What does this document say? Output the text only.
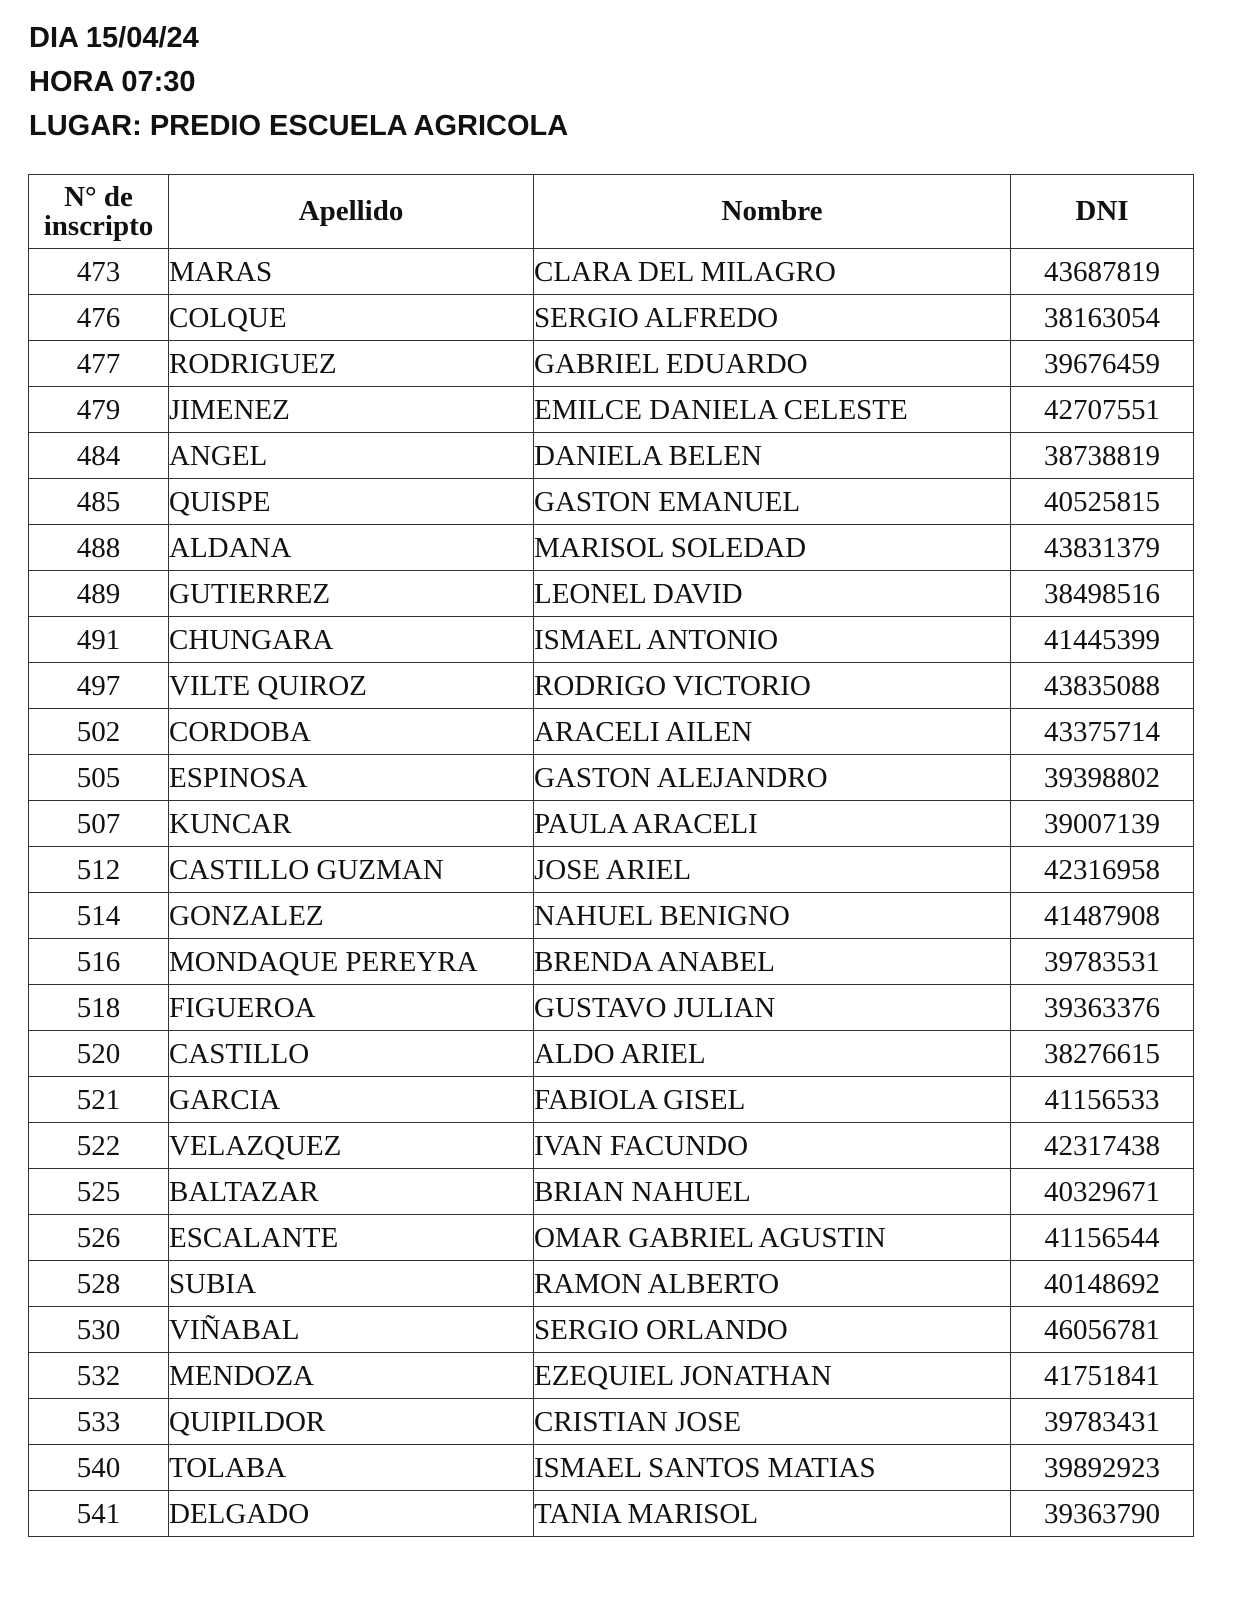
DIA 15/04/24
HORA 07:30
LUGAR: PREDIO ESCUELA AGRICOLA
N° de
inscripto	Apellido	Nombre	DNI
473	MARAS	CLARA DEL MILAGRO	43687819
476	COLQUE	SERGIO ALFREDO	38163054
477	RODRIGUEZ	GABRIEL EDUARDO	39676459
479	JIMENEZ	EMILCE DANIELA CELESTE	42707551
484	ANGEL	DANIELA BELEN	38738819
485	QUISPE	GASTON EMANUEL	40525815
488	ALDANA	MARISOL SOLEDAD	43831379
489	GUTIERREZ	LEONEL DAVID	38498516
491	CHUNGARA	ISMAEL ANTONIO	41445399
497	VILTE QUIROZ	RODRIGO VICTORIO	43835088
502	CORDOBA	ARACELI AILEN	43375714
505	ESPINOSA	GASTON ALEJANDRO	39398802
507	KUNCAR	PAULA ARACELI	39007139
512	CASTILLO GUZMAN	JOSE ARIEL	42316958
514	GONZALEZ	NAHUEL BENIGNO	41487908
516	MONDAQUE PEREYRA	BRENDA ANABEL	39783531
518	FIGUEROA	GUSTAVO JULIAN	39363376
520	CASTILLO	ALDO ARIEL	38276615
521	GARCIA	FABIOLA GISEL	41156533
522	VELAZQUEZ	IVAN FACUNDO	42317438
525	BALTAZAR	BRIAN NAHUEL	40329671
526	ESCALANTE	OMAR GABRIEL AGUSTIN	41156544
528	SUBIA	RAMON ALBERTO	40148692
530	VIÑABAL	SERGIO ORLANDO	46056781
532	MENDOZA	EZEQUIEL JONATHAN	41751841
533	QUIPILDOR	CRISTIAN JOSE	39783431
540	TOLABA	ISMAEL SANTOS MATIAS	39892923
541	DELGADO	TANIA MARISOL	39363790
